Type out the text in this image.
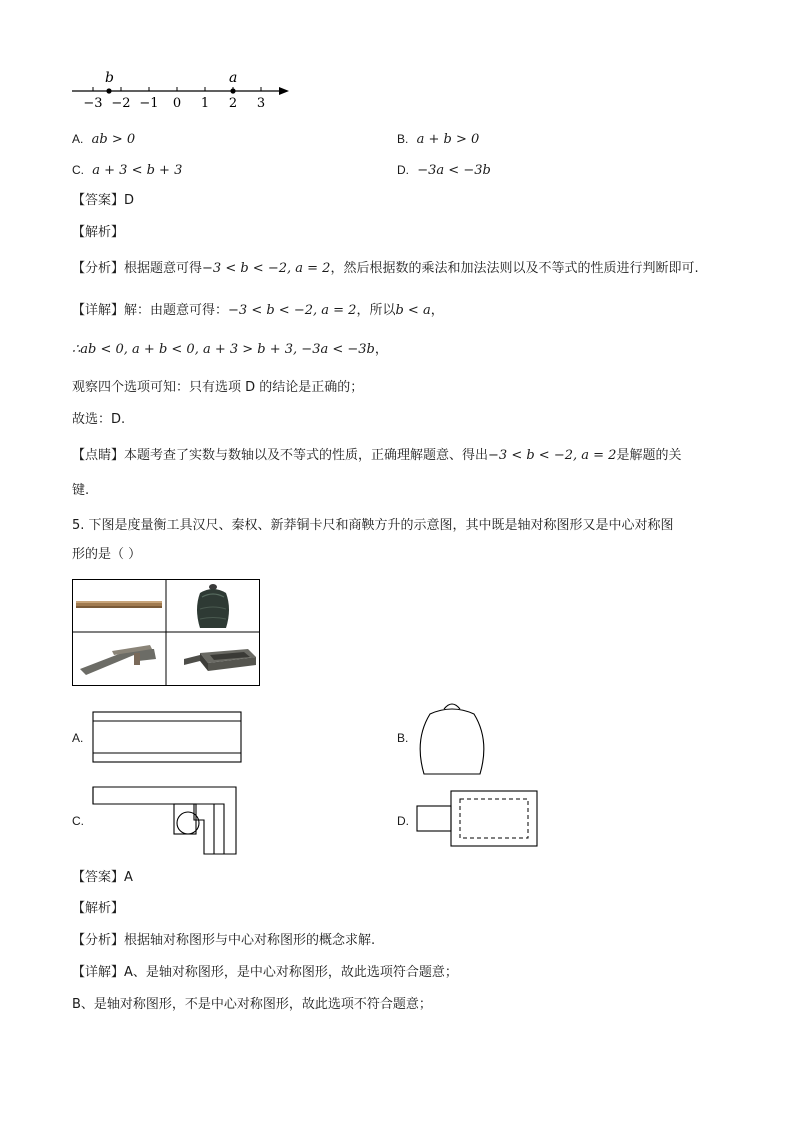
−3 −2 −1 0 1 2 3
b	a
A. ab > 0	B. a + b > 0
C. a + 3 < b + 3	D. −3a < −3b
【答案】D
【解析】
【分析】根据题意可得−3 < b < −2, a = 2，然后根据数的乘法和加法法则以及不等式的性质进行判断即可.
【详解】解：由题意可得：−3 < b < −2, a = 2，所以b < a，
∴ab < 0, a + b < 0, a + 3 > b + 3, −3a < −3b，
观察四个选项可知：只有选项 D 的结论是正确的；
故选：D.
【点睛】本题考查了实数与数轴以及不等式的性质，正确理解题意、得出−3 < b < −2, a = 2是解题的关
键.
5. 下图是度量衡工具汉尺、秦权、新莽铜卡尺和商鞅方升的示意图，其中既是轴对称图形又是中心对称图
形的是（ ）
A.	B.
C.	D.
【答案】A
【解析】
【分析】根据轴对称图形与中心对称图形的概念求解.
【详解】A、是轴对称图形，是中心对称图形，故此选项符合题意；
B、是轴对称图形，不是中心对称图形，故此选项不符合题意；
